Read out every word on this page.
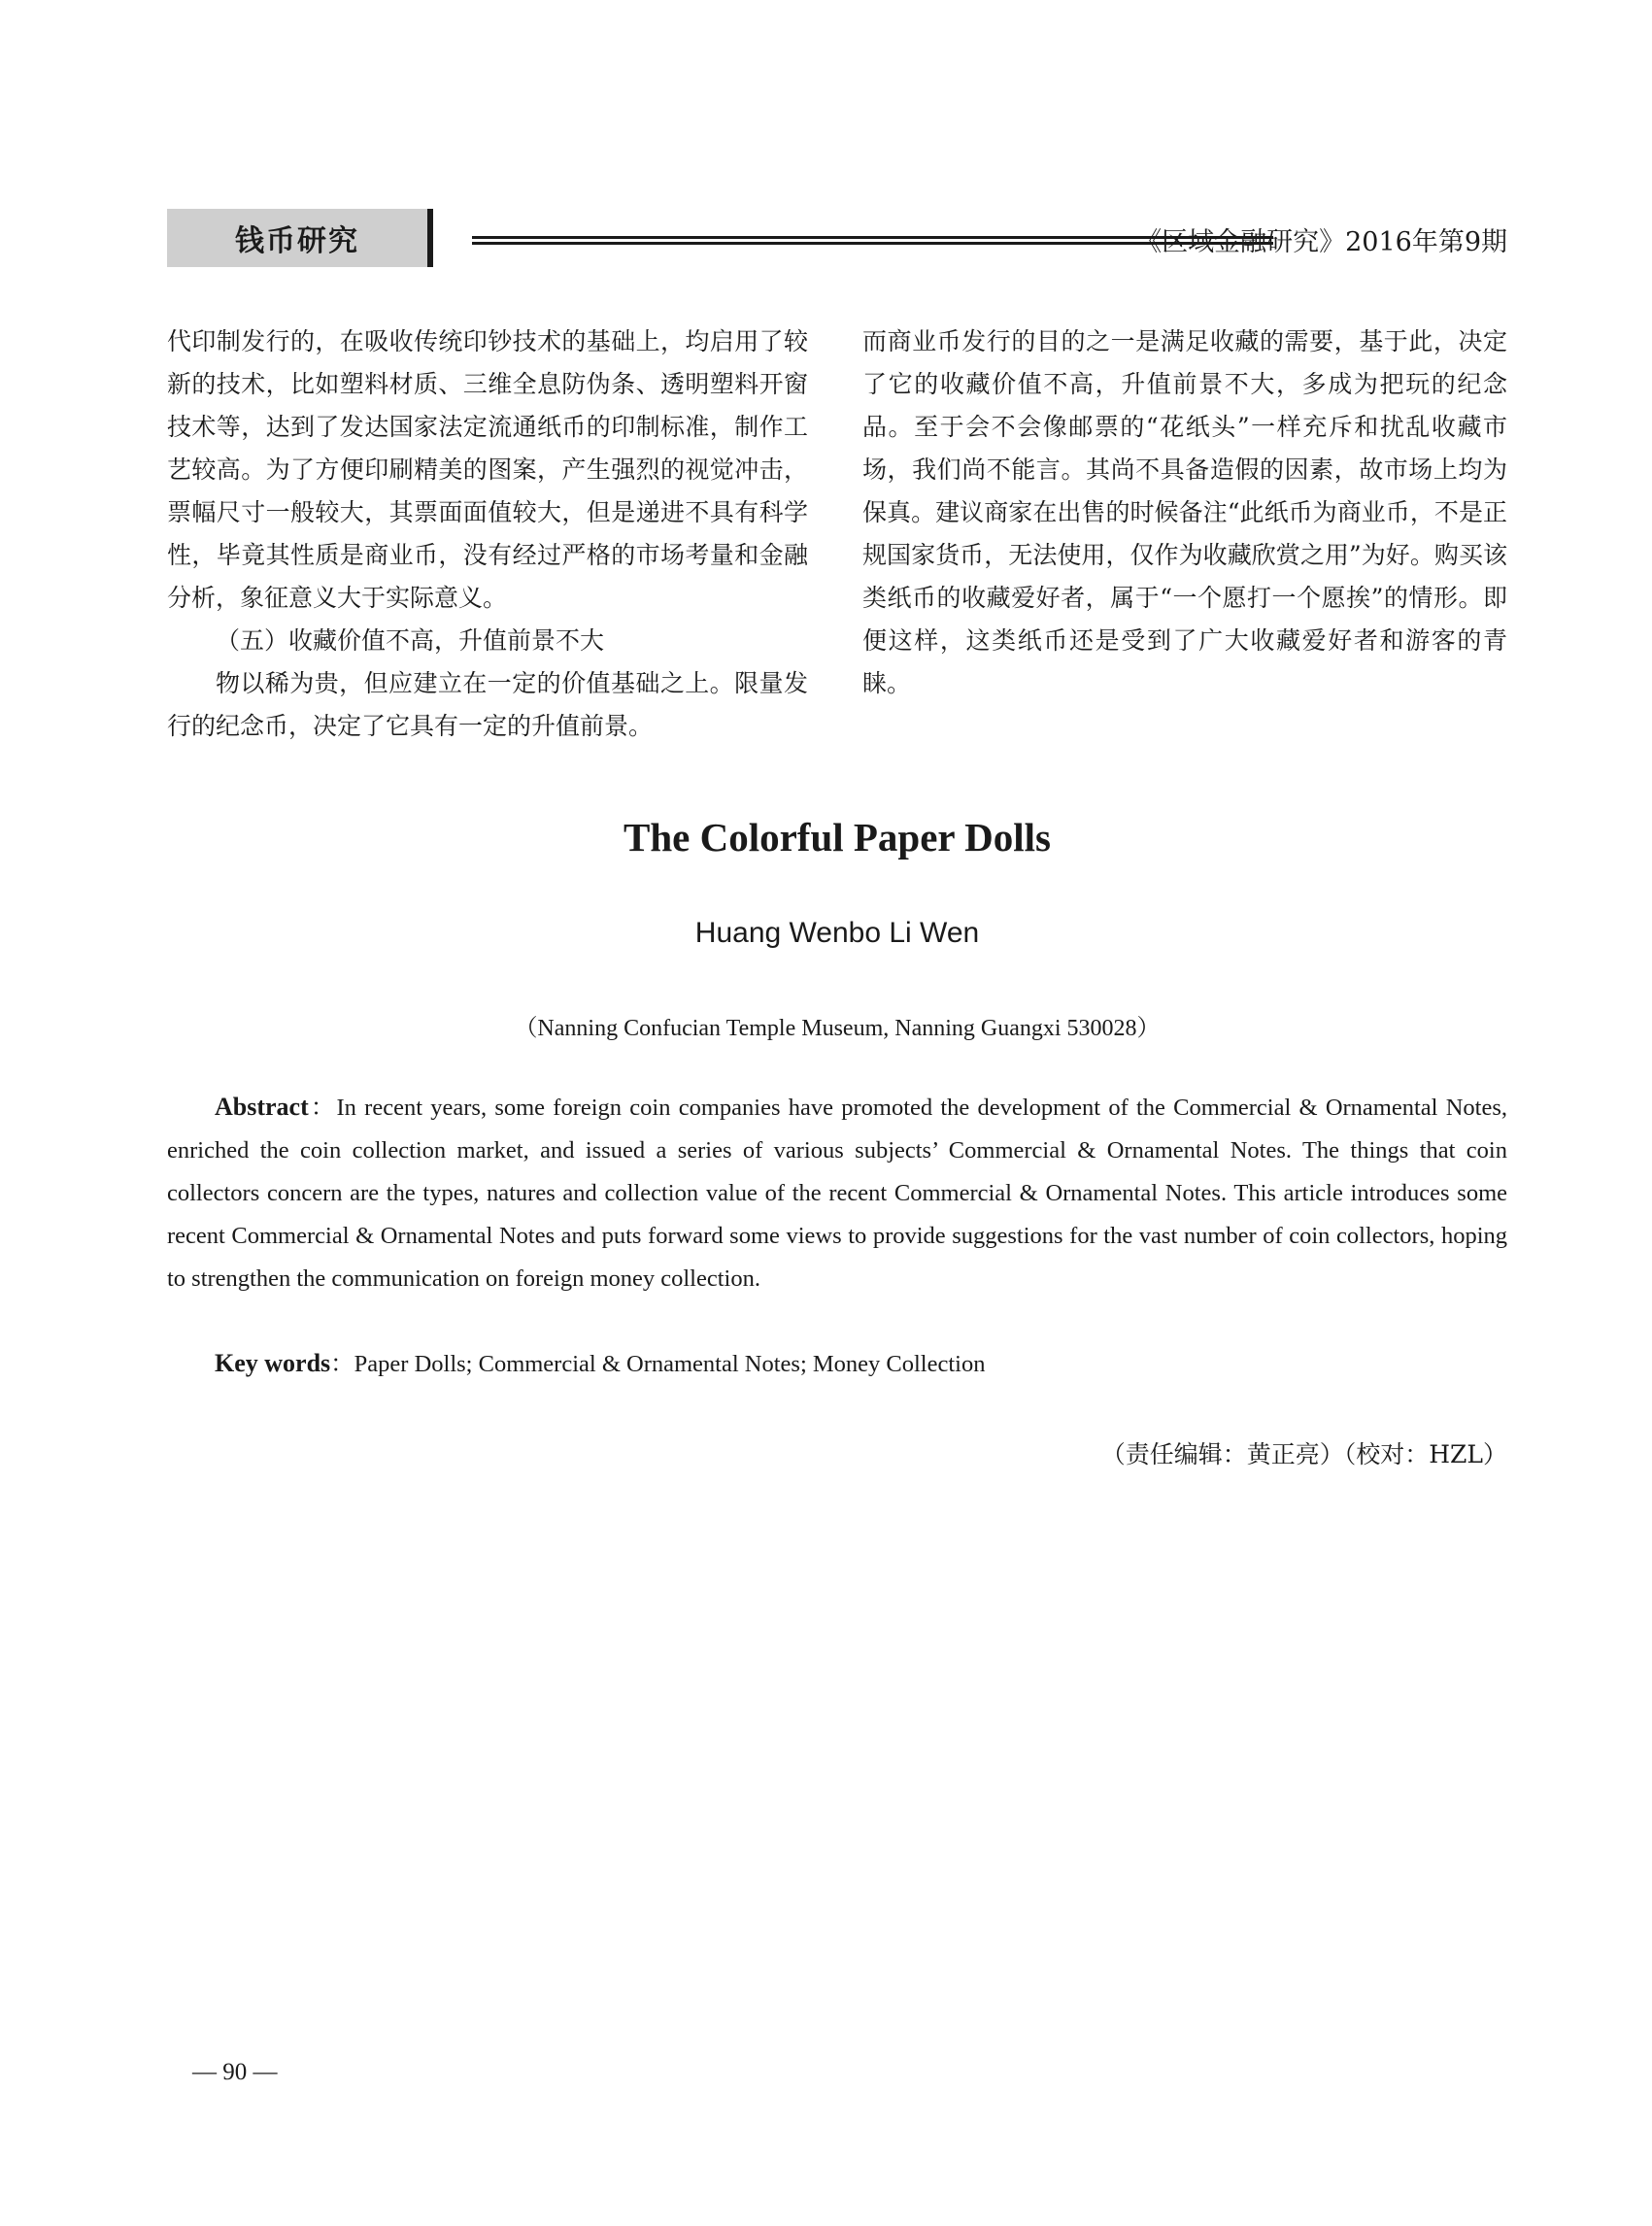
钱币研究	《区域金融研究》2016年第9期

代印制发行的，在吸收传统印钞技术的基础上，均启用了较新的技术，比如塑料材质、三维全息防伪条、透明塑料开窗技术等，达到了发达国家法定流通纸币的印制标准，制作工艺较高。为了方便印刷精美的图案，产生强烈的视觉冲击，票幅尺寸一般较大，其票面面值较大，但是递进不具有科学性，毕竟其性质是商业币，没有经过严格的市场考量和金融分析，象征意义大于实际意义。

（五）收藏价值不高，升值前景不大

物以稀为贵，但应建立在一定的价值基础之上。限量发行的纪念币，决定了它具有一定的升值前景。

而商业币发行的目的之一是满足收藏的需要，基于此，决定了它的收藏价值不高，升值前景不大，多成为把玩的纪念品。至于会不会像邮票的“花纸头”一样充斥和扰乱收藏市场，我们尚不能言。其尚不具备造假的因素，故市场上均为保真。建议商家在出售的时候备注“此纸币为商业币，不是正规国家货币，无法使用，仅作为收藏欣赏之用”为好。购买该类纸币的收藏爱好者，属于“一个愿打一个愿挨”的情形。即便这样，这类纸币还是受到了广大收藏爱好者和游客的青睐。

The Colorful Paper Dolls
Huang Wenbo Li Wen
（Nanning Confucian Temple Museum, Nanning Guangxi 530028）

Abstract：In recent years, some foreign coin companies have promoted the development of the Commercial & Ornamental Notes, enriched the coin collection market, and issued a series of various subjects’ Commercial & Ornamental Notes. The things that coin collectors concern are the types, natures and collection value of the recent Commercial & Ornamental Notes. This article introduces some recent Commercial & Ornamental Notes and puts forward some views to provide suggestions for the vast number of coin collectors, hoping to strengthen the communication on foreign money collection.

Key words：Paper Dolls; Commercial & Ornamental Notes; Money Collection

（责任编辑：黄正亮）（校对：HZL）
— 90 —
